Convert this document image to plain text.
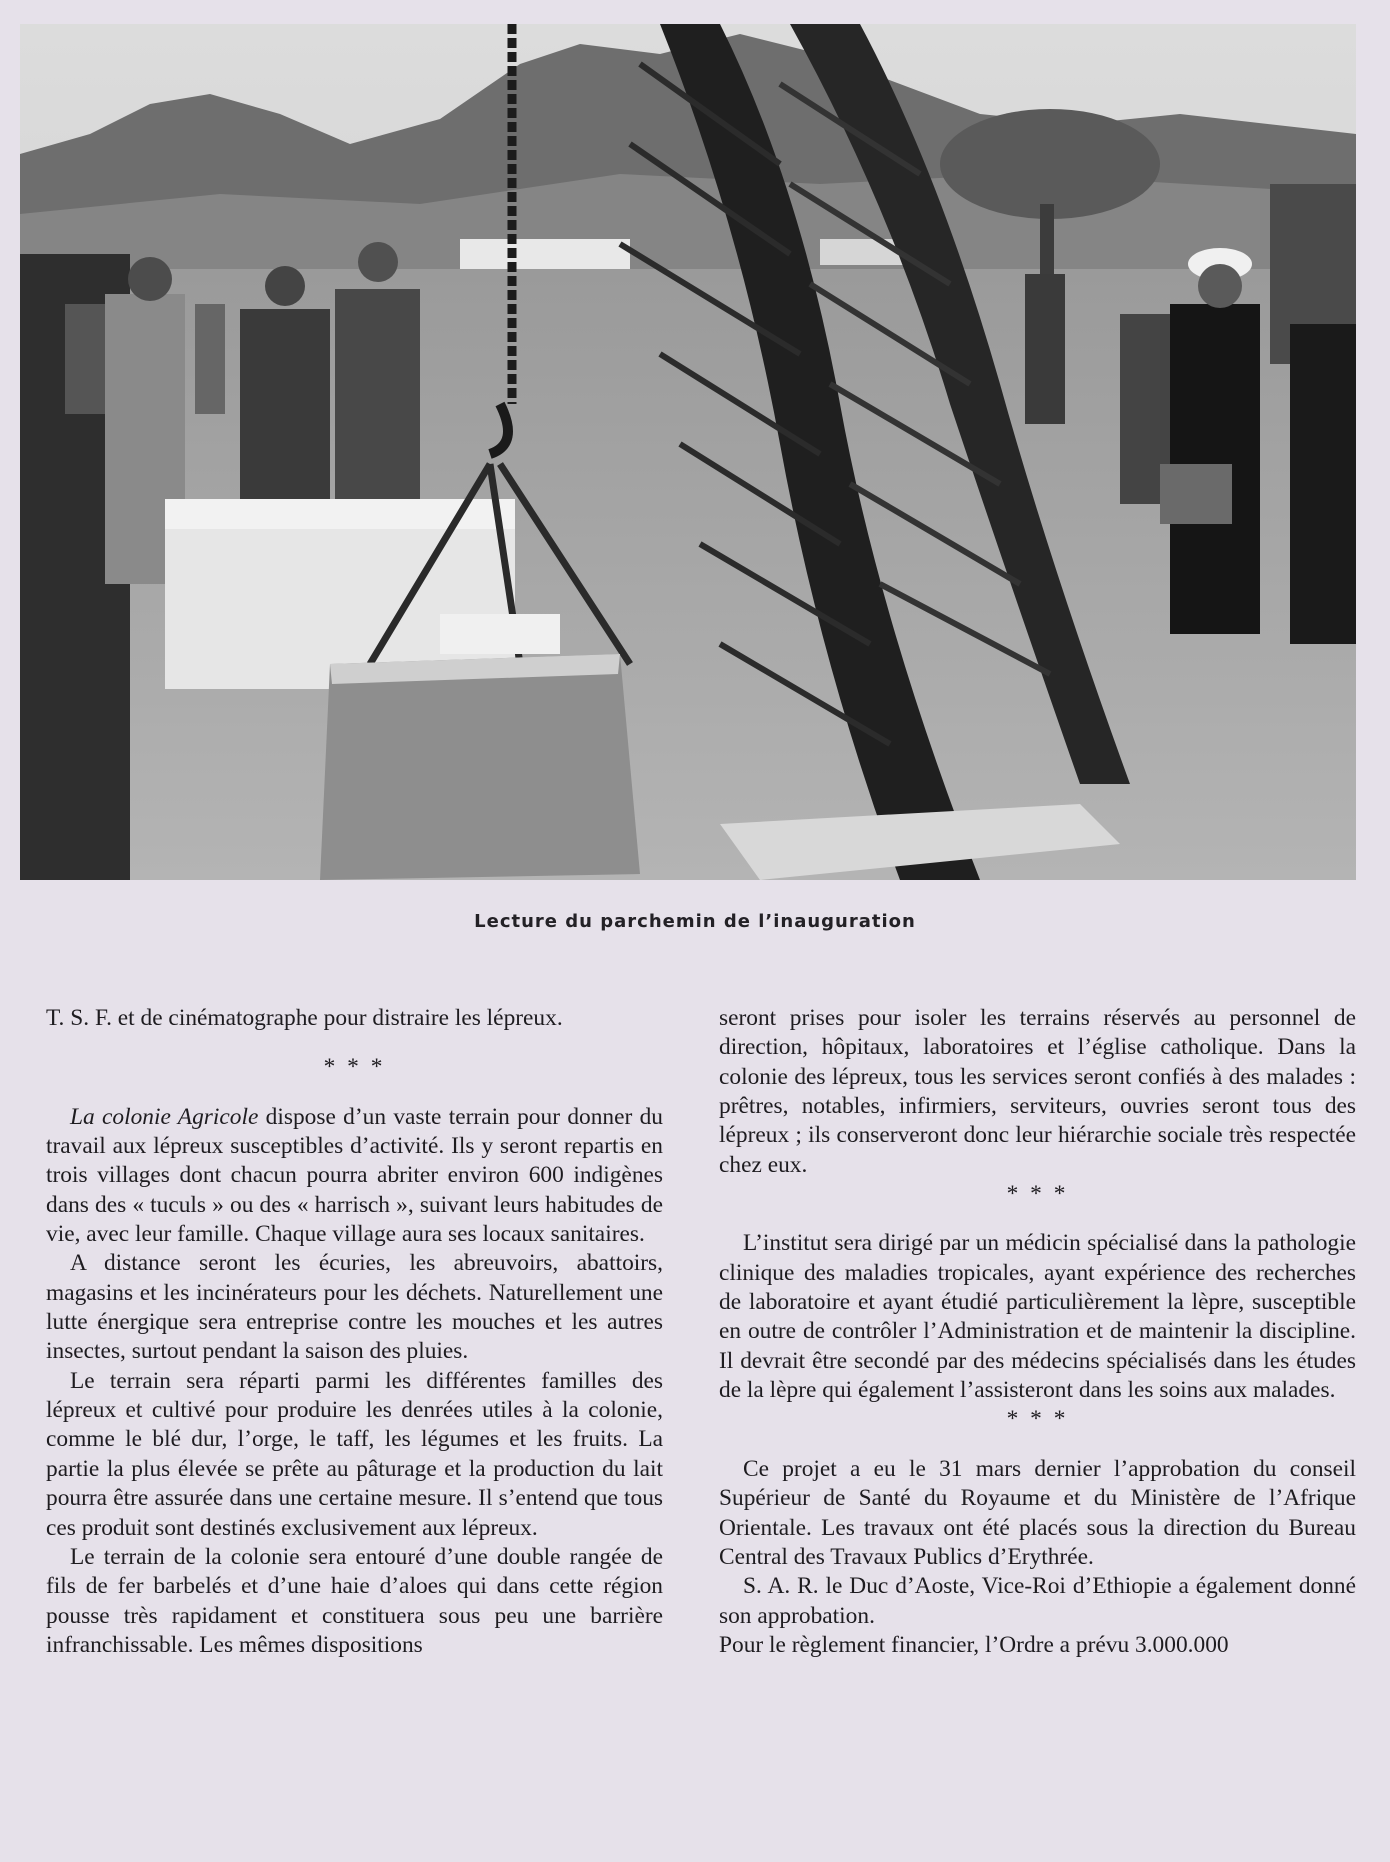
Lecture du parchemin de l’inauguration

T. S. F. et de cinématographe pour distraire les lépreux.

* * *

La colonie Agricole dispose d’un vaste terrain pour donner du travail aux lépreux susceptibles d’activité. Ils y seront repartis en trois villages dont chacun pourra abriter environ 600 indigènes dans des « tuculs » ou des « harrisch », suivant leurs habitudes de vie, avec leur famille. Chaque village aura ses locaux sanitaires.

A distance seront les écuries, les abreuvoirs, abattoirs, magasins et les incinérateurs pour les déchets. Naturellement une lutte énergique sera entreprise contre les mouches et les autres insectes, surtout pendant la saison des pluies.

Le terrain sera réparti parmi les différentes familles des lépreux et cultivé pour produire les denrées utiles à la colonie, comme le blé dur, l’orge, le taff, les légumes et les fruits. La partie la plus élevée se prête au pâturage et la production du lait pourra être assurée dans une certaine mesure. Il s’entend que tous ces produit sont destinés exclusivement aux lépreux.

Le terrain de la colonie sera entouré d’une double rangée de fils de fer barbelés et d’une haie d’aloes qui dans cette région pousse très rapidament et constituera sous peu une barrière infranchissable. Les mêmes dispositions

seront prises pour isoler les terrains réservés au personnel de direction, hôpitaux, laboratoires et l’église catholique. Dans la colonie des lépreux, tous les services seront confiés à des malades : prêtres, notables, infirmiers, serviteurs, ouvries seront tous des lépreux ; ils conserveront donc leur hiérarchie sociale très respectée chez eux.

* * *

L’institut sera dirigé par un médicin spécialisé dans la pathologie clinique des maladies tropicales, ayant expérience des recherches de laboratoire et ayant étudié particulièrement la lèpre, susceptible en outre de contrôler l’Administration et de maintenir la discipline. Il devrait être secondé par des médecins spécialisés dans les études de la lèpre qui également l’assisteront dans les soins aux malades.

* * *

Ce projet a eu le 31 mars dernier l’approbation du conseil Supérieur de Santé du Royaume et du Ministère de l’Afrique Orientale. Les travaux ont été placés sous la direction du Bureau Central des Travaux Publics d’Erythrée.

S. A. R. le Duc d’Aoste, Vice-Roi d’Ethiopie a également donné son approbation.

Pour le règlement financier, l’Ordre a prévu 3.000.000
